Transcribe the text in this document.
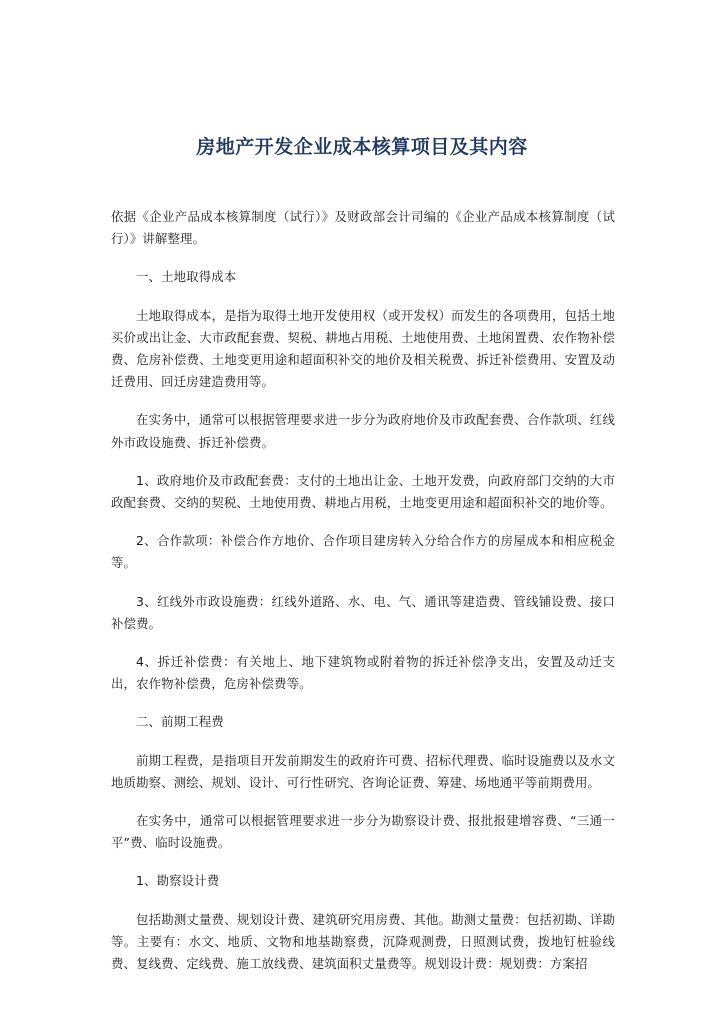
房地产开发企业成本核算项目及其内容

依据《企业产品成本核算制度（试行）》及财政部会计司编的《企业产品成本核算制度（试行）》讲解整理。

一、土地取得成本

土地取得成本，是指为取得土地开发使用权（或开发权）而发生的各项费用，包括土地买价或出让金、大市政配套费、契税、耕地占用税、土地使用费、土地闲置费、农作物补偿费、危房补偿费、土地变更用途和超面积补交的地价及相关税费、拆迁补偿费用、安置及动迁费用、回迁房建造费用等。

在实务中，通常可以根据管理要求进一步分为政府地价及市政配套费、合作款项、红线外市政设施费、拆迁补偿费。

1、政府地价及市政配套费：支付的土地出让金、土地开发费，向政府部门交纳的大市政配套费、交纳的契税、土地使用费、耕地占用税，土地变更用途和超面积补交的地价等。

2、合作款项：补偿合作方地价、合作项目建房转入分给合作方的房屋成本和相应税金等。

3、红线外市政设施费：红线外道路、水、电、气、通讯等建造费、管线铺设费、接口补偿费。

4、拆迁补偿费：有关地上、地下建筑物或附着物的拆迁补偿净支出，安置及动迁支出，农作物补偿费，危房补偿费等。

二、前期工程费

前期工程费，是指项目开发前期发生的政府许可费、招标代理费、临时设施费以及水文地质勘察、测绘、规划、设计、可行性研究、咨询论证费、筹建、场地通平等前期费用。

在实务中，通常可以根据管理要求进一步分为勘察设计费、报批报建增容费、“三通一平”费、临时设施费。

1、勘察设计费

包括勘测丈量费、规划设计费、建筑研究用房费、其他。勘测丈量费：包括初勘、详勘等。主要有：水文、地质、文物和地基勘察费，沉降观测费，日照测试费，拨地钉桩验线费、复线费、定线费、施工放线费、建筑面积丈量费等。规划设计费：规划费：方案招
